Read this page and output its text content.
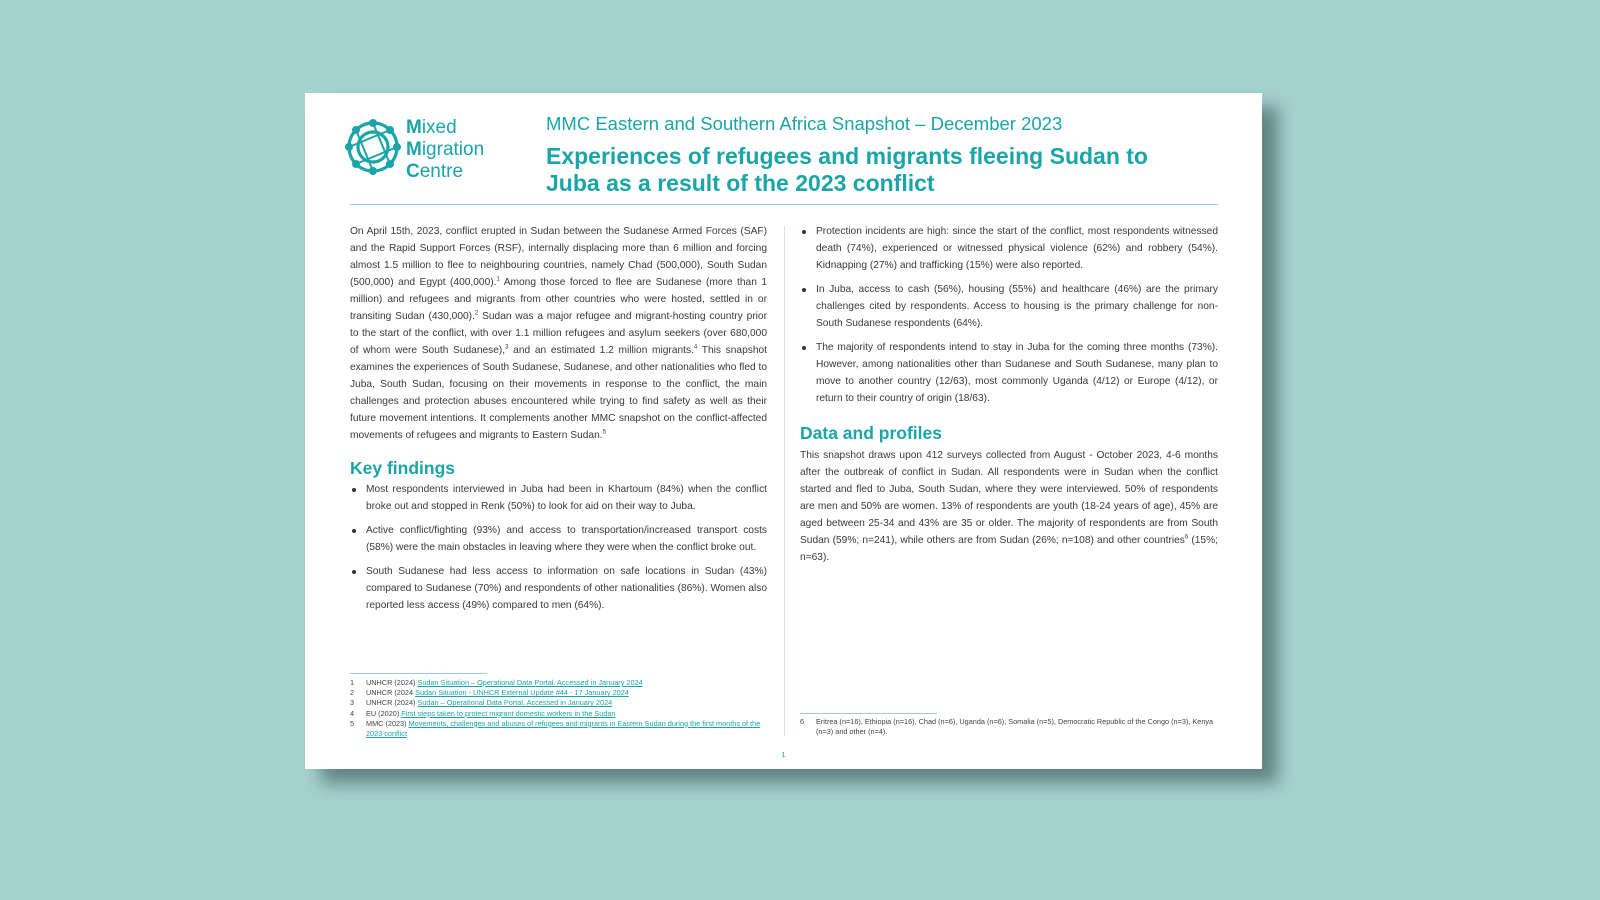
Mixed
Migration
Centre
MMC Eastern and Southern Africa Snapshot – December 2023
Experiences of refugees and migrants fleeing Sudan to
Juba as a result of the 2023 conflict

On April 15th, 2023, conflict erupted in Sudan between the Sudanese Armed Forces (SAF) and the Rapid Support Forces (RSF), internally displacing more than 6 million and forcing almost 1.5 million to flee to neighbouring countries, namely Chad (500,000), South Sudan (500,000) and Egypt (400,000).$^1$ Among those forced to flee are Sudanese (more than 1 million) and refugees and migrants from other countries who were hosted, settled in or transiting Sudan (430,000).$^2$ Sudan was a major refugee and migrant-hosting country prior to the start of the conflict, with over 1.1 million refugees and asylum seekers (over 680,000 of whom were South Sudanese),$^3$ and an estimated 1.2 million migrants.$^4$ This snapshot examines the experiences of South Sudanese, Sudanese, and other nationalities who fled to Juba, South Sudan, focusing on their movements in response to the conflict, the main challenges and protection abuses encountered while trying to find safety as well as their future movement intentions. It complements another MMC snapshot on the conflict-affected movements of refugees and migrants to Eastern Sudan.$^5$

Key findings
Most respondents interviewed in Juba had been in Khartoum (84%) when the conflict broke out and stopped in Renk (50%) to look for aid on their way to Juba.
Active conflict/fighting (93%) and access to transportation/increased transport costs (58%) were the main obstacles in leaving where they were when the conflict broke out.
South Sudanese had less access to information on safe locations in Sudan (43%) compared to Sudanese (70%) and respondents of other nationalities (86%). Women also reported less access (49%) compared to men (64%).
Protection incidents are high: since the start of the conflict, most respondents witnessed death (74%), experienced or witnessed physical violence (62%) and robbery (54%). Kidnapping (27%) and trafficking (15%) were also reported.
In Juba, access to cash (56%), housing (55%) and healthcare (46%) are the primary challenges cited by respondents. Access to housing is the primary challenge for non-South Sudanese respondents (64%).
The majority of respondents intend to stay in Juba for the coming three months (73%). However, among nationalities other than Sudanese and South Sudanese, many plan to move to another country (12/63), most commonly Uganda (4/12) or Europe (4/12), or return to their country of origin (18/63).
Data and profiles

This snapshot draws upon 412 surveys collected from August - October 2023, 4-6 months after the outbreak of conflict in Sudan. All respondents were in Sudan when the conflict started and fled to Juba, South Sudan, where they were interviewed. 50% of respondents are men and 50% are women. 13% of respondents are youth (18-24 years of age), 45% are aged between 25-34 and 43% are 35 or older. The majority of respondents are from South Sudan (59%; n=241), while others are from Sudan (26%; n=108) and other countries$^6$ (15%; n=63).

1	UNHCR (2024) Sudan Situation – Operational Data Portal. Accessed in January 2024
2	UNHCR (2024 Sudan Situation - UNHCR External Update #44 - 17 January 2024
3	UNHCR (2024) Sudan – Operational Data Portal. Accessed in January 2024
4	EU (2020) First steps taken to protect migrant domestic workers in the Sudan
5	MMC (2023) Movements, challenges and abuses of refugees and migrants in Eastern Sudan during the first months of the 2023 conflict
6	Eritrea (n=16), Ethiopia (n=16), Chad (n=6), Uganda (n=6), Somalia (n=5), Democratic Republic of the Congo (n=3), Kenya (n=3) and other (n=4).
1
